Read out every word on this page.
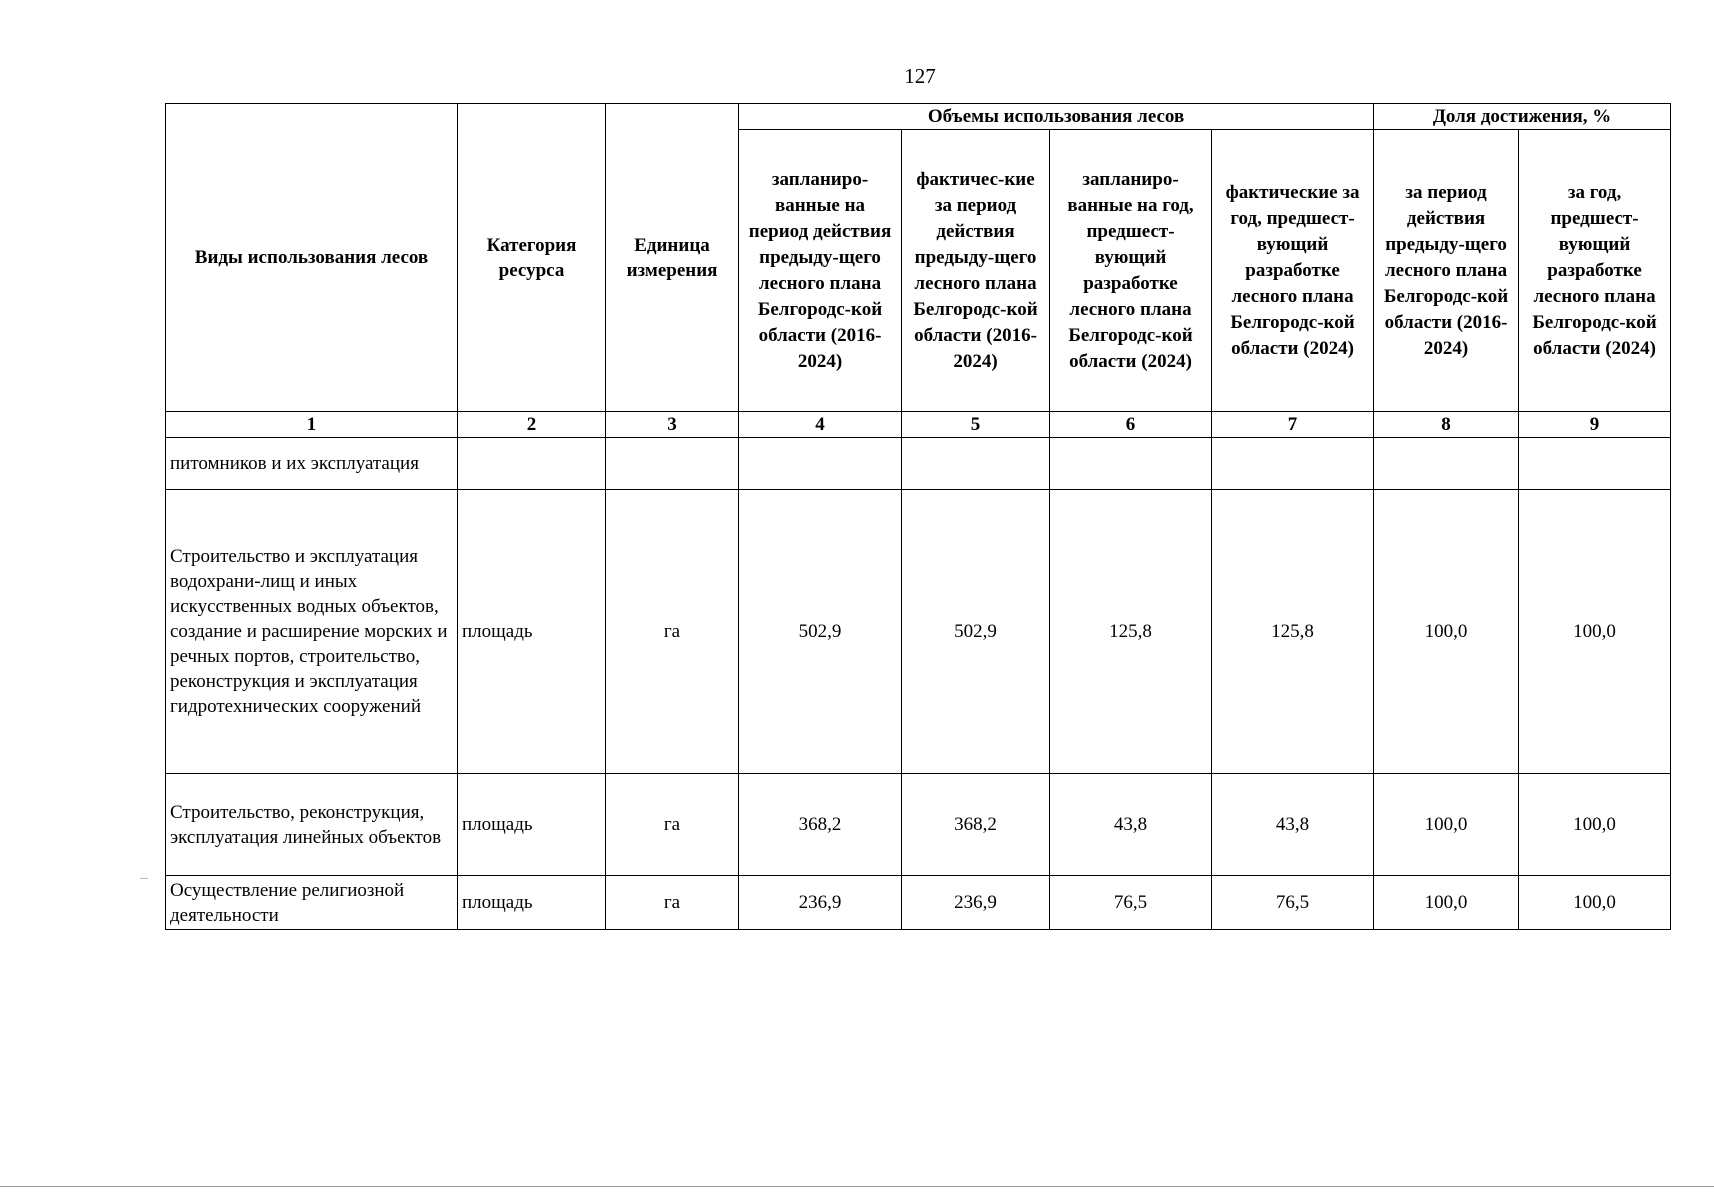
127
Виды использования лесов	Категория ресурса	Единица измерения	Объемы использования лесов				Доля достижения, %	
			запланиро-ванные на период действия предыду-щего лесного плана Белгородс-кой области (2016-2024)	фактичес-кие за период действия предыду-щего лесного плана Белгородс-кой области (2016-2024)	запланиро-ванные на год, предшест-вующий разработке лесного плана Белгородс-кой области (2024)	фактические за год, предшест-вующий разработке лесного плана Белгородс-кой области (2024)	за период действия предыду-щего лесного плана Белгородс-кой области (2016-2024)	за год, предшест-вующий разработке лесного плана Белгородс-кой области (2024)
1	2	3	4	5	6	7	8	9
питомников и их эксплуатация								
Строительство и эксплуатация водохрани-лищ и иных искусственных водных объектов, создание и расширение морских и речных портов, строительство, реконструкция и эксплуатация гидротехнических сооружений	площадь	га	502,9	502,9	125,8	125,8	100,0	100,0
Строительство, реконструкция, эксплуатация линейных объектов	площадь	га	368,2	368,2	43,8	43,8	100,0	100,0
Осуществление религиозной деятельности	площадь	га	236,9	236,9	76,5	76,5	100,0	100,0
